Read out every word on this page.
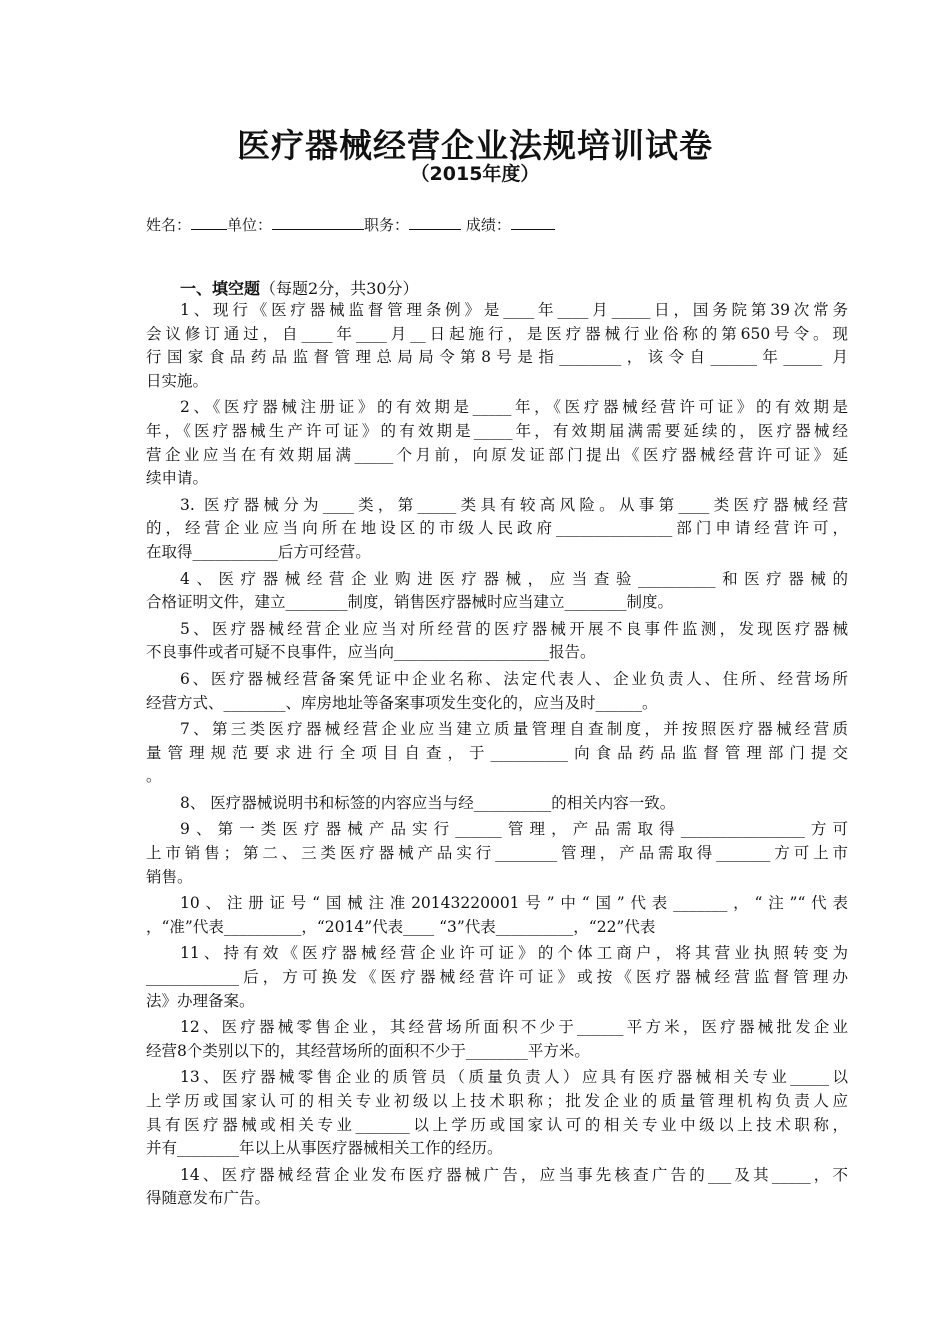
医疗器械经营企业法规培训试卷
（2015年度）
姓名： 单位：	职务：	成绩：
一、填空题（每题2分，共30分）
1、现行《医疗器械监督管理条例》是____年____月_____日，国务院第39次常务
会议修订通过，自____年____月__日起施行，是医疗器械行业俗称的第650号令。现
行国家食品药品监督管理总局局令第8号是指________，该令自______年_____ 月
日实施。
2、《医疗器械注册证》的有效期是_____年，《医疗器械经营许可证》的有效期是
年，《医疗器械生产许可证》的有效期是_____年，有效期届满需要延续的，医疗器械经
营企业应当在有效期届满_____个月前，向原发证部门提出《医疗器械经营许可证》延
续申请。
3. 医疗器械分为____类，第_____类具有较高风险。从事第____类医疗器械经营
的，经营企业应当向所在地设区的市级人民政府_______________部门申请经营许可，
在取得___________后方可经营。
4、医疗器械经营企业购进医疗器械，应当查验__________和医疗器械的
合格证明文件，建立________制度，销售医疗器械时应当建立________制度。
5、医疗器械经营企业应当对所经营的医疗器械开展不良事件监测，发现医疗器械
不良事件或者可疑不良事件，应当向____________________报告。
6、医疗器械经营备案凭证中企业名称、法定代表人、企业负责人、住所、经营场所
经营方式、________、库房地址等备案事项发生变化的，应当及时______。
7、第三类医疗器械经营企业应当建立质量管理自查制度，并按照医疗器械经营质
量管理规范要求进行全项目自查，于__________向食品药品监督管理部门提交
。
8、 医疗器械说明书和标签的内容应当与经__________的相关内容一致。
9、第一类医疗器械产品实行______管理，产品需取得________________方可
上市销售；第二、三类医疗器械产品实行________管理，产品需取得_______方可上市
销售。
10、注册证号“国械注准20143220001号”中“国”代表_______，“注”“代表
，“准”代表__________，“2014”代表____ “3”代表__________，“22”代表
11、持有效《医疗器械经营企业许可证》的个体工商户，将其营业执照转变为
____________后，方可换发《医疗器械经营许可证》或按《医疗器械经营监督管理办
法》办理备案。
12、医疗器械零售企业，其经营场所面积不少于______平方米，医疗器械批发企业
经营8个类别以下的，其经营场所的面积不少于________平方米。
13、医疗器械零售企业的质管员（质量负责人）应具有医疗器械相关专业_____以
上学历或国家认可的相关专业初级以上技术职称；批发企业的质量管理机构负责人应
具有医疗器械或相关专业_______以上学历或国家认可的相关专业中级以上技术职称，
并有________年以上从事医疗器械相关工作的经历。
14、医疗器械经营企业发布医疗器械广告，应当事先核查广告的___及其_____，不
得随意发布广告。
